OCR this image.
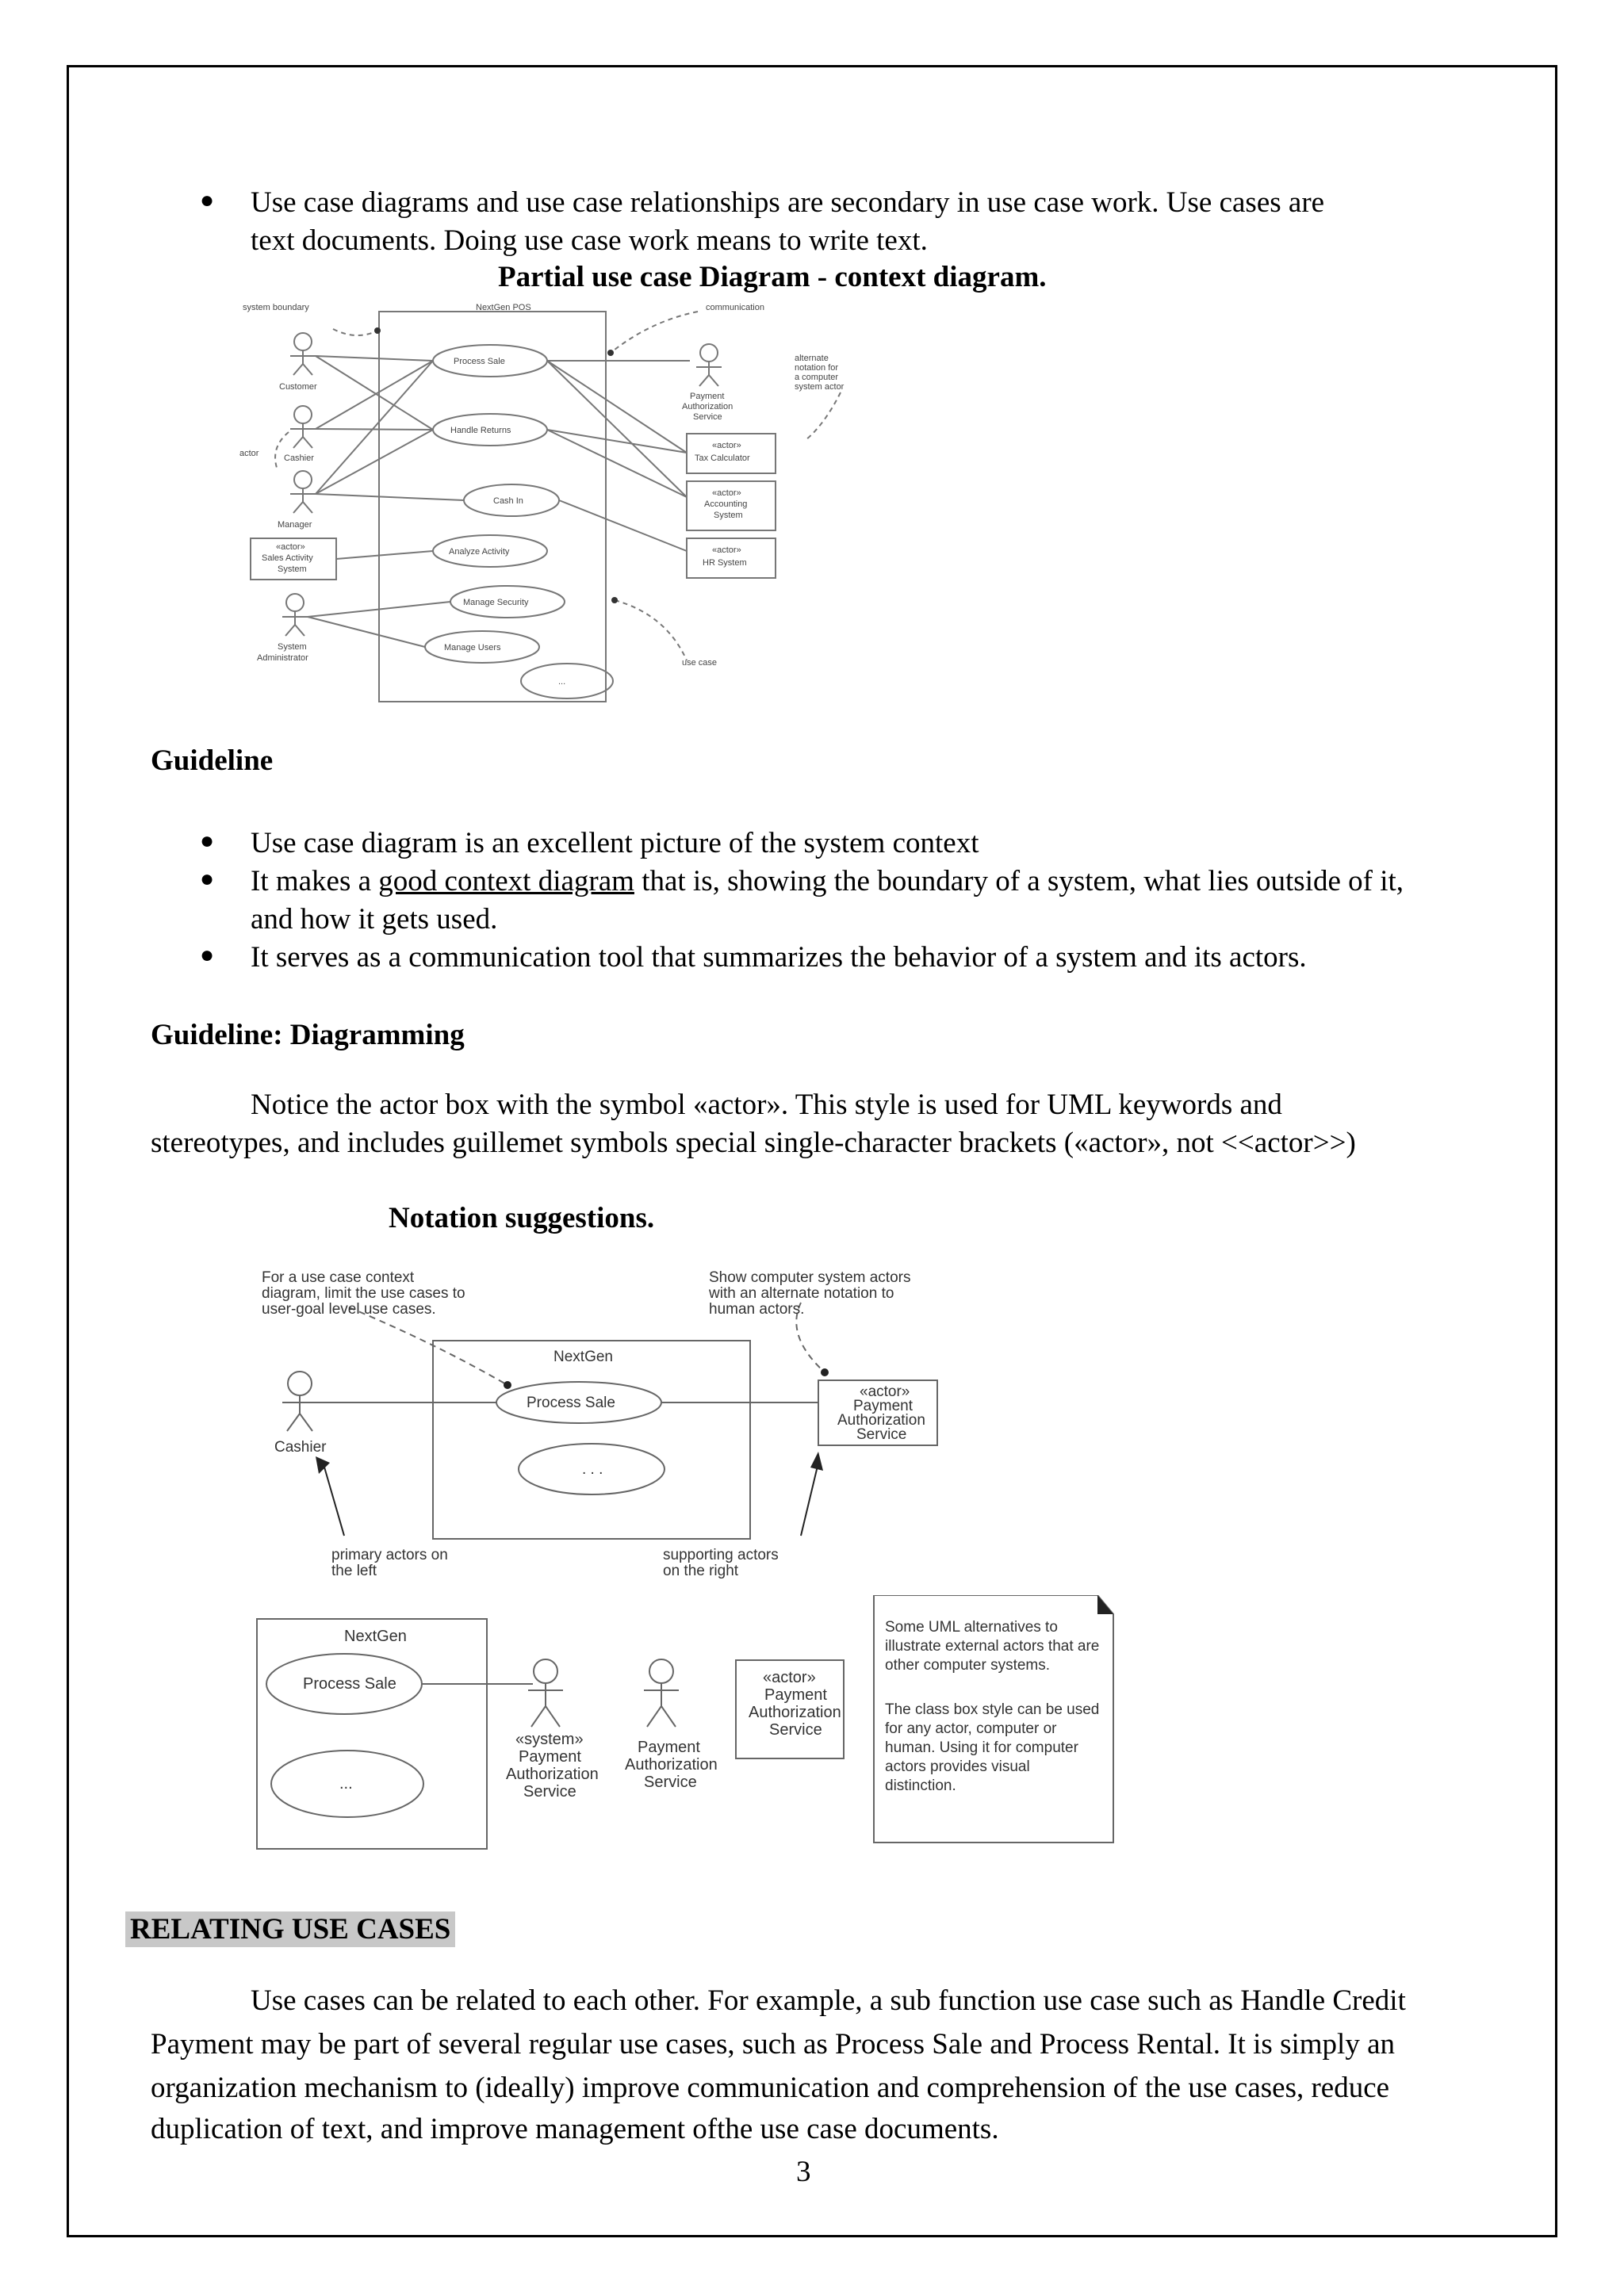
● Use case diagrams and use case relationships are secondary in use case work. Use cases are
text documents. Doing use case work means to write text.
Partial use case Diagram - context diagram.
system boundary	NextGen POS	communication
Customer
Cashier
Manager
actor
«actor»
Sales Activity
System
System
Administrator
Process Sale
Handle Returns
Cash In
Analyze Activity
Manage Security
Manage Users
...
use case
Payment
Authorization
Service
alternate
notation for
a computer
system actor
«actor»
Tax Calculator
«actor»
Accounting
System
«actor»
HR System
Guideline
● Use case diagram is an excellent picture of the system context
● It makes a good context diagram that is, showing the boundary of a system, what lies outside of it,
and how it gets used.
● It serves as a communication tool that summarizes the behavior of a system and its actors.
Guideline: Diagramming
Notice the actor box with the symbol «actor». This style is used for UML keywords and
stereotypes, and includes guillemet symbols special single-character brackets («actor», not <<actor>>)
Notation suggestions.
For a use case context
diagram, limit the use cases to
user-goal level use cases.
Show computer system actors
with an alternate notation to
human actors.
NextGen
Process Sale
. . .
Cashier
«actor»
Payment
Authorization
Service
primary actors on
the left
supporting actors
on the right
NextGen
Process Sale
...
«system»
Payment
Authorization
Service
Payment
Authorization
Service
«actor»
Payment
Authorization
Service
Some UML alternatives to
illustrate external actors that are
other computer systems.
The class box style can be used
for any actor, computer or
human. Using it for computer
actors provides visual
distinction.
RELATING USE CASES
Use cases can be related to each other. For example, a sub function use case such as Handle Credit
Payment may be part of several regular use cases, such as Process Sale and Process Rental. It is simply an
organization mechanism to (ideally) improve communication and comprehension of the use cases, reduce
duplication of text, and improve management ofthe use case documents.
3
